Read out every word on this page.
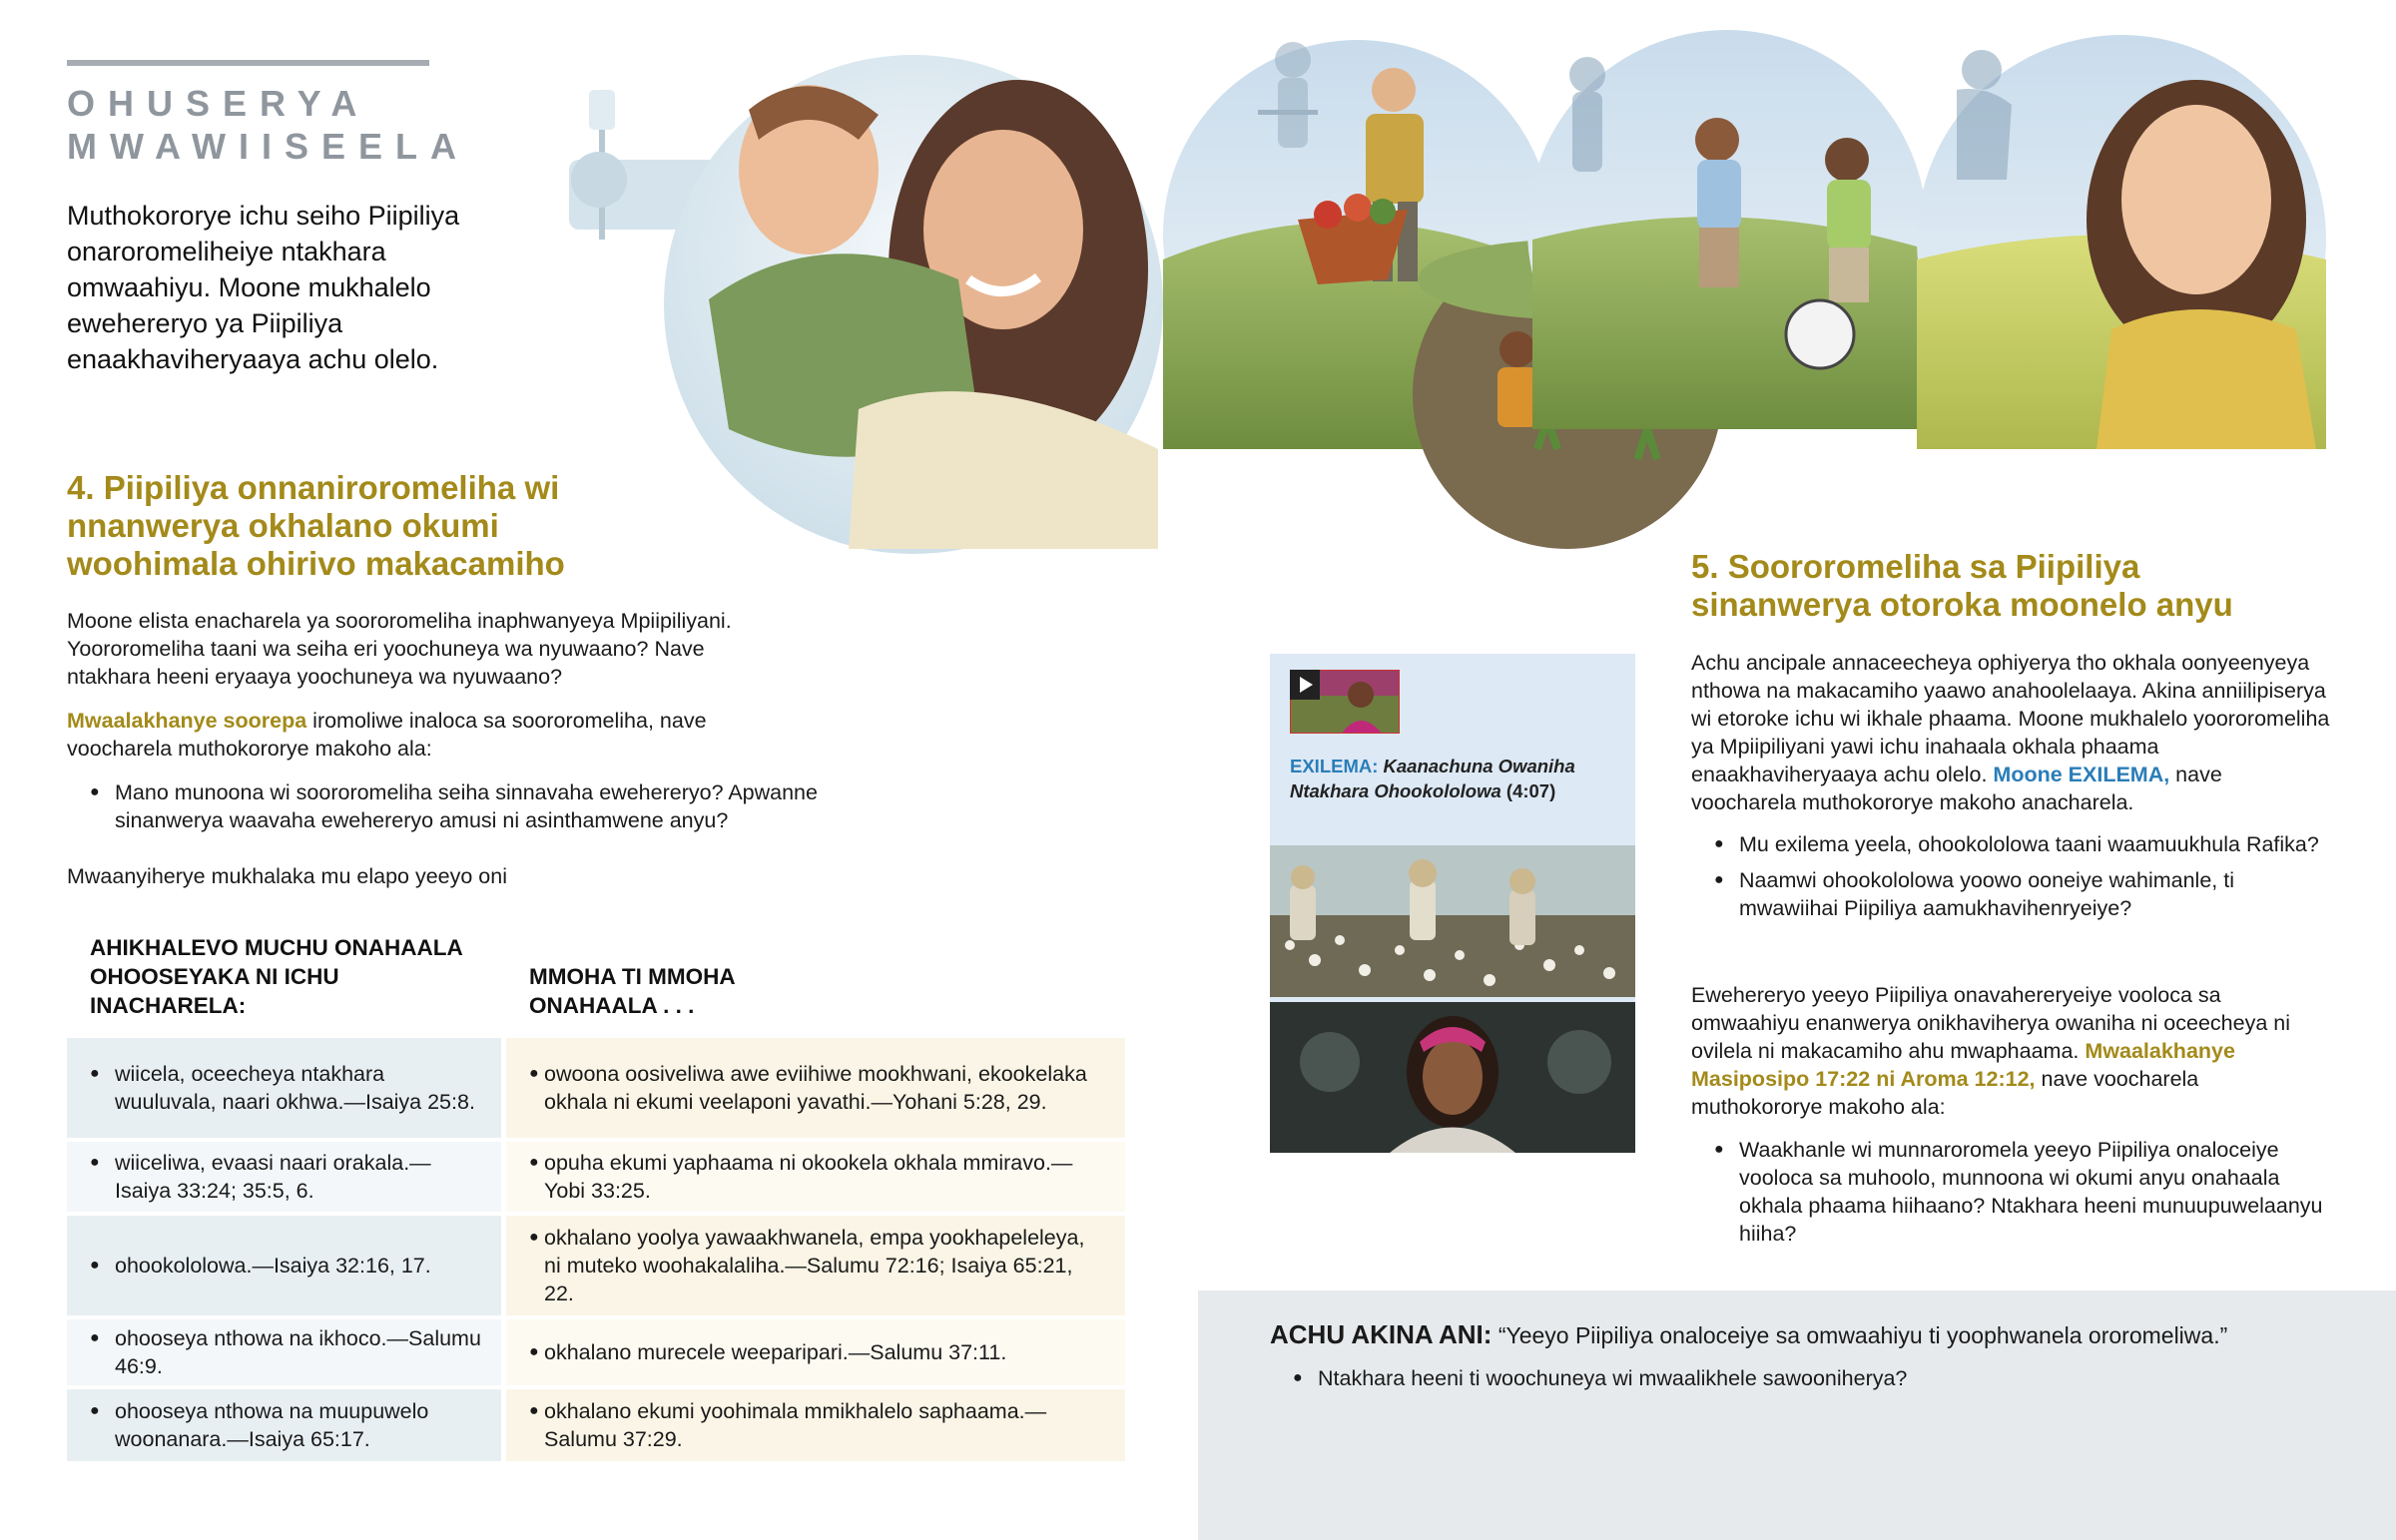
OHUSERYA
MWAWIISEELA

Muthokororye ichu seiho Piipiliya onaroromeliheiye ntakhara omwaahiyu. Moone mukhalelo ewehereryo ya Piipiliya enaakhaviheryaaya achu olelo.

4. Piipiliya onnaniroromeliha wi nnanwerya okhalano okumi woohimala ohirivo makacamiho

Moone elista enacharela ya soororomeliha inaphwanyeya Mpiipiliyani. Yoororomeliha taani wa seiha eri yoochuneya wa nyuwaano? Nave ntakhara heeni eryaaya yoochuneya wa nyuwaano?

Mwaalakhanye soorepa iromoliwe inaloca sa soororomeliha, nave voocharela muthokororye makoho ala:

● Mano munoona wi soororomeliha seiha sinnavaha ewehereryo? Apwanne sinanwerya waavaha ewehereryo amusi ni asinthamwene anyu?

Mwaanyiherye mukhalaka mu elapo yeeyo oni

AHIKHALEVO MUCHU ONAHAALA OHOOSEYAKA NI ICHU INACHARELA:
MMOHA TI MMOHA ONAHAALA . . .
● wiicela, oceecheya ntakhara wuuluvala, naari okhwa.—Isaiya 25:8.
● owoona oosiveliwa awe eviihiwe mookhwani, ekookelaka okhala ni ekumi veelaponi yavathi.—Yohani 5:28, 29.
● wiiceliwa, evaasi naari orakala.—Isaiya 33:24; 35:5, 6.
● opuha ekumi yaphaama ni okookela okhala mmiravo.—Yobi 33:25.
● ohookololowa.—Isaiya 32:16, 17.
● okhalano yoolya yawaakhwanela, empa yookhapeleleya, ni muteko woohakalaliha.—Salumu 72:16; Isaiya 65:21, 22.
● ohooseya nthowa na ikhoco.—Salumu 46:9.
● okhalano murecele weeparipari.—Salumu 37:11.
● ohooseya nthowa na muupuwelo woonanara.—Isaiya 65:17.
● okhalano ekumi yoohimala mmikhalelo saphaama.—Salumu 37:29.
EXILEMA: Kaanachuna Owaniha Ntakhara Ohookololowa (4:07)
5. Soororomeliha sa Piipiliya sinanwerya otoroka moonelo anyu

Achu ancipale annaceecheya ophiyerya tho okhala oonyeenyeya nthowa na makacamiho yaawo anahoolelaaya. Akina anniilipiserya wi etoroke ichu wi ikhale phaama. Moone mukhalelo yoororomeliha ya Mpiipiliyani yawi ichu inahaala okhala phaama enaakhaviheryaaya achu olelo. Moone EXILEMA, nave voocharela muthokororye makoho anacharela.

● Mu exilema yeela, ohookololowa taani waamuukhula Rafika?
● Naamwi ohookololowa yoowo ooneiye wahimanle, ti mwawiihai Piipiliya aamukhavihenryeiye?

Ewehereryo yeeyo Piipiliya onavahereryeiye vooloca sa omwaahiyu enanwerya onikhaviherya owaniha ni oceecheya ni ovilela ni makacamiho ahu mwaphaama. Mwaalakhanye Masiposipo 17:22 ni Aroma 12:12, nave voocharela muthokororye makoho ala:

● Waakhanle wi munnaroromela yeeyo Piipiliya onaloceiye vooloca sa muhoolo, munnoona wi okumi anyu onahaala okhala phaama hiihaano? Ntakhara heeni munuupuwelaanyu hiiha?

ACHU AKINA ANI: “Yeeyo Piipiliya onaloceiye sa omwaahiyu ti yoophwanela ororomeliwa.”

● Ntakhara heeni ti woochuneya wi mwaalikhele sawooniherya?
